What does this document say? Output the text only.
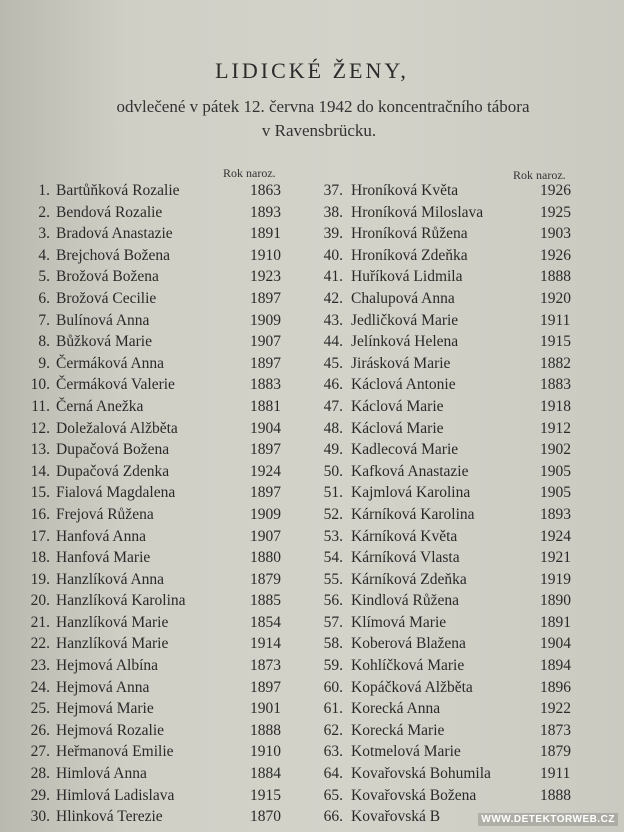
LIDICKÉ ŽENY,
odvlečené v pátek 12. června 1942 do koncentračního tábora
v Ravensbrücku.
Rok naroz.	Rok naroz.
1. Bartůňková Rozalie	1863
2. Bendová Rozalie	1893
3. Bradová Anastazie	1891
4. Brejchová Božena	1910
5. Brožová Božena	1923
6. Brožová Cecilie	1897
7. Bulínová Anna	1909
8. Bůžková Marie	1907
9. Čermáková Anna	1897
10. Čermáková Valerie	1883
11. Černá Anežka	1881
12. Doležalová Alžběta	1904
13. Dupačová Božena	1897
14. Dupačová Zdenka	1924
15. Fialová Magdalena	1897
16. Frejová Růžena	1909
17. Hanfová Anna	1907
18. Hanfová Marie	1880
19. Hanzlíková Anna	1879
20. Hanzlíková Karolina	1885
21. Hanzlíková Marie	1854
22. Hanzlíková Marie	1914
23. Hejmová Albína	1873
24. Hejmová Anna	1897
25. Hejmová Marie	1901
26. Hejmová Rozalie	1888
27. Heřmanová Emilie	1910
28. Himlová Anna	1884
29. Himlová Ladislava	1915
30. Hlinková Terezie	1870
37. Hroníková Květa	1926
38. Hroníková Miloslava	1925
39. Hroníková Růžena	1903
40. Hroníková Zdeňka	1926
41. Huříková Lidmila	1888
42. Chalupová Anna	1920
43. Jedličková Marie	1911
44. Jelínková Helena	1915
45. Jirásková Marie	1882
46. Káclová Antonie	1883
47. Káclová Marie	1918
48. Káclová Marie	1912
49. Kadlecová Marie	1902
50. Kafková Anastazie	1905
51. Kajmlová Karolina	1905
52. Kárníková Karolina	1893
53. Kárníková Květa	1924
54. Kárníková Vlasta	1921
55. Kárníková Zdeňka	1919
56. Kindlová Růžena	1890
57. Klímová Marie	1891
58. Koberová Blažena	1904
59. Kohlíčková Marie	1894
60. Kopáčková Alžběta	1896
61. Korecká Anna	1922
62. Korecká Marie	1873
63. Kotmelová Marie	1879
64. Kovařovská Bohumila	1911
65. Kovařovská Božena	1888
66. Kovařovská B	WWW.DETEKTORWEB.CZ
